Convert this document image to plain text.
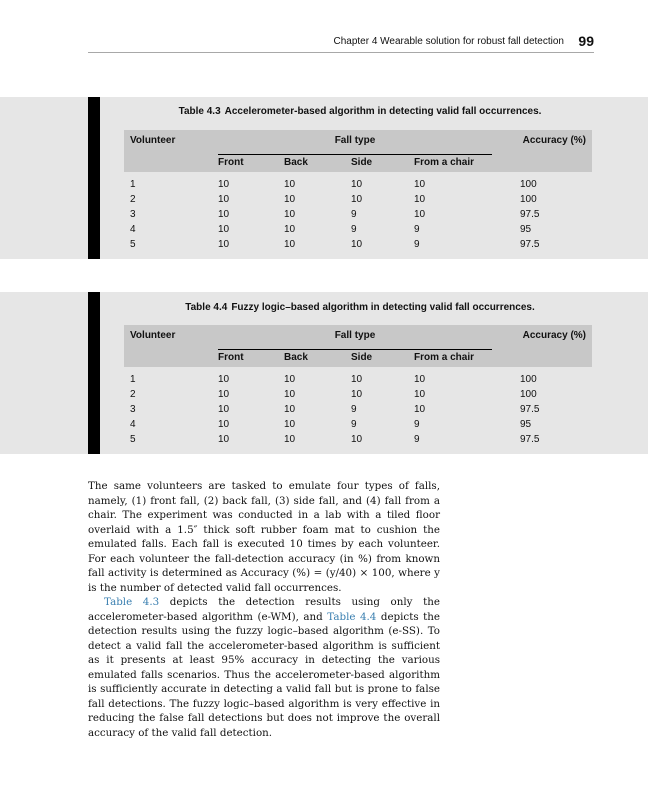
Chapter 4 Wearable solution for robust fall detection 99
Table 4.3 Accelerometer-based algorithm in detecting valid fall occurrences.
Volunteer	Fall type	Accuracy (%)
Front	Back	Side	From a chair
1	10	10	10	10	100
2	10	10	10	10	100
3	10	10	9	10	97.5
4	10	10	9	9	95
5	10	10	10	9	97.5
Table 4.4 Fuzzy logic–based algorithm in detecting valid fall occurrences.
Volunteer	Fall type	Accuracy (%)
Front	Back	Side	From a chair
1	10	10	10	10	100
2	10	10	10	10	100
3	10	10	9	10	97.5
4	10	10	9	9	95
5	10	10	10	9	97.5

The same volunteers are tasked to emulate four types of falls, namely, (1) front fall, (2) back fall, (3) side fall, and (4) fall from a chair. The experiment was conducted in a lab with a tiled floor overlaid with a 1.5″ thick soft rubber foam mat to cushion the emulated falls. Each fall is executed 10 times by each volunteer. For each volunteer the fall-detection accuracy (in %) from known fall activity is determined as Accuracy (%) = (y/40) × 100, where y is the number of detected valid fall occurrences.

Table 4.3 depicts the detection results using only the accelerometer-based algorithm (e-WM), and Table 4.4 depicts the detection results using the fuzzy logic–based algorithm (e-SS). To detect a valid fall the accelerometer-based algorithm is sufficient as it presents at least 95% accuracy in detecting the various emulated falls scenarios. Thus the accelerometer-based algorithm is sufficiently accurate in detecting a valid fall but is prone to false fall detections. The fuzzy logic–based algorithm is very effective in reducing the false fall detections but does not improve the overall accuracy of the valid fall detection.
